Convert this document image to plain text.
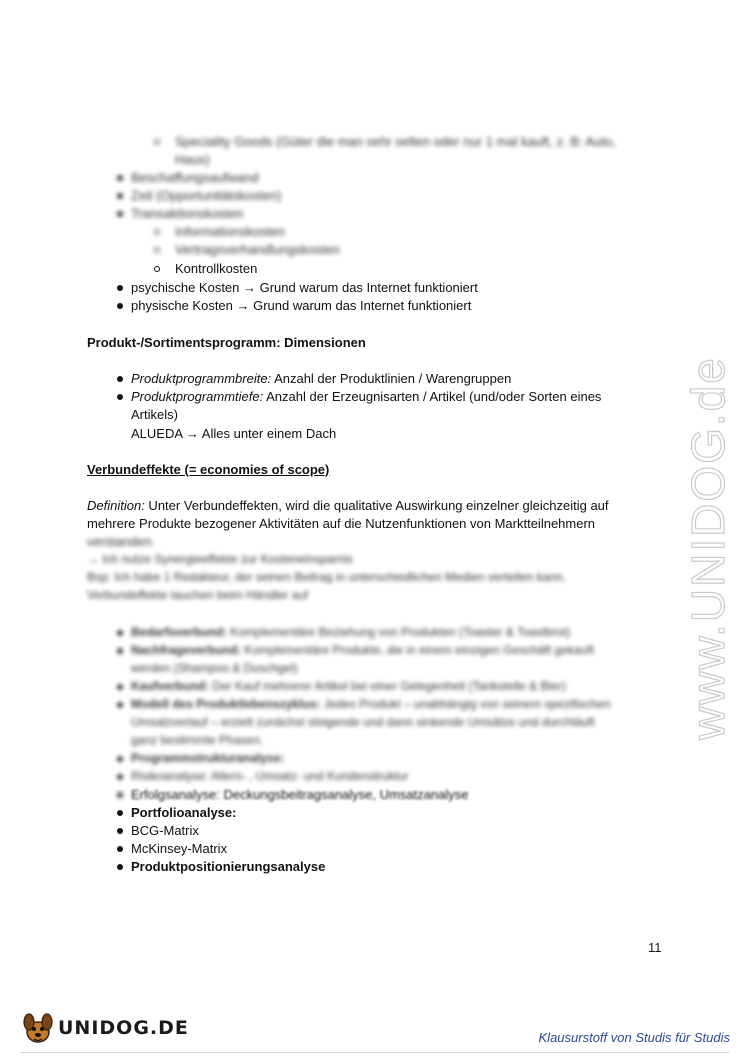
Speciality Goods (Güter die man sehr selten oder nur 1 mal kauft, z. B: Auto,
Haus)
Beschaffungsaufwand
Zeit (Opportunitätskosten)
Transaktionskosten
Informationskosten
Vertragsverhandlungskosten
Kontrollkosten
psychische Kosten → Grund warum das Internet funktioniert
physische Kosten → Grund warum das Internet funktioniert
Produkt-/Sortimentsprogramm: Dimensionen
Produktprogrammbreite: Anzahl der Produktlinien / Warengruppen
Produktprogrammtiefe: Anzahl der Erzeugnisarten / Artikel (und/oder Sorten eines
Artikels)
ALUEDA → Alles unter einem Dach
Verbundeffekte (= economies of scope)
Definition: Unter Verbundeffekten, wird die qualitative Auswirkung einzelner gleichzeitig auf
mehrere Produkte bezogener Aktivitäten auf die Nutzenfunktionen von Marktteilnehmern
verstanden.
→ Ich nutze Synergieeffekte zur Kosteneinsparnis
Bsp: Ich habe 1 Redakteur, der seinen Beitrag in unterschiedlichen Medien verteilen kann.
Verbundeffekte tauchen beim Händler auf
Bedarfsverbund: Komplementäre Beziehung von Produkten (Toaster & Toastbrot)
Nachfrageverbund: Komplementäre Produkte, die in einem einzigen Geschäft gekauft
werden (Shampoo & Duschgel)
Kaufverbund: Der Kauf mehrerer Artikel bei einer Gelegenheit (Tankstelle & Bier)
Modell des Produktlebenszyklus: Jedes Produkt – unabhängig von seinem spezifischen
Umsatzverlauf – erzielt zunächst steigende und dann sinkende Umsätze und durchläuft
ganz bestimmte Phasen.
Programmstrukturanalyse:
Risikoanalyse: Alters- , Umsatz- und Kundenstruktur
Erfolgsanalyse: Deckungsbeitragsanalyse, Umsatzanalyse
Portfolioanalyse:
BCG-Matrix
McKinsey-Matrix
Produktpositionierungsanalyse
11
www.UNIDOG.de
UNIDOG.DE	Klausurstoff von Studis für Studis
